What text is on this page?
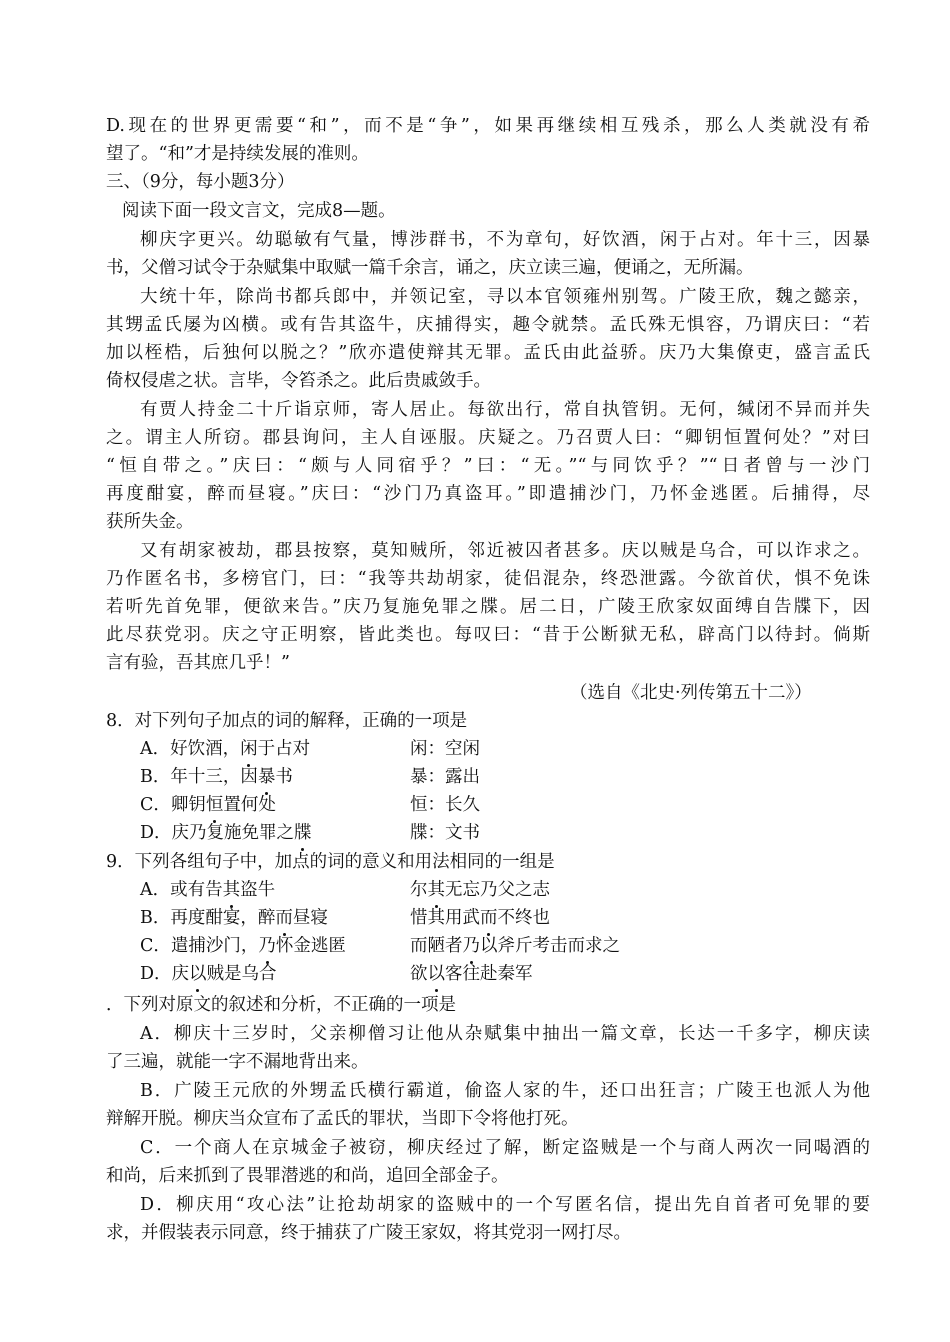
D.现在的世界更需要“和”，而不是“争”，如果再继续相互残杀，那么人类就没有希
望了。“和”才是持续发展的准则。
三、（9分，每小题3分）
阅读下面一段文言文，完成8—题。
柳庆字更兴。幼聪敏有气量，博涉群书，不为章句，好饮酒，闲于占对。年十三，因暴
书，父僧习试令于杂赋集中取赋一篇千余言，诵之，庆立读三遍，便诵之，无所漏。
大统十年，除尚书都兵郎中，并领记室，寻以本官领雍州别驾。广陵王欣，魏之懿亲，
其甥孟氏屡为凶横。或有告其盗牛，庆捕得实，趣令就禁。孟氏殊无惧容，乃谓庆曰：“若
加以桎梏，后独何以脱之？”欣亦遣使辩其无罪。孟氏由此益骄。庆乃大集僚吏，盛言孟氏
倚权侵虐之状。言毕，令笞杀之。此后贵戚敛手。
有贾人持金二十斤诣京师，寄人居止。每欲出行，常自执管钥。无何，缄闭不异而并失
之。谓主人所窃。郡县询问，主人自诬服。庆疑之。乃召贾人曰：“卿钥恒置何处？”对曰
“恒自带之。”庆曰：“颇与人同宿乎？”曰：“无。”“与同饮乎？”“日者曾与一沙门
再度酣宴，醉而昼寝。”庆曰：“沙门乃真盗耳。”即遣捕沙门，乃怀金逃匿。后捕得，尽
获所失金。
又有胡家被劫，郡县按察，莫知贼所，邻近被囚者甚多。庆以贼是乌合，可以诈求之。
乃作匿名书，多榜官门，曰：“我等共劫胡家，徒侣混杂，终恐泄露。今欲首伏，惧不免诛
若听先首免罪，便欲来告。”庆乃复施免罪之牒。居二日，广陵王欣家奴面缚自告牒下，因
此尽获党羽。庆之守正明察，皆此类也。每叹曰：“昔于公断狱无私，辟高门以待封。倘斯
言有验，吾其庶几乎！”
（选自《北史·列传第五十二》）
8．对下列句子加点的词的解释，正确的一项是
A．好饮酒，闲于占对	闲：空闲
B．年十三，因暴书	暴：露出
C．卿钥恒置何处	恒：长久
D．庆乃复施免罪之牒	牒：文书
9．下列各组句子中，加点的词的意义和用法相同的一组是
A．或有告其盗牛	尔其无忘乃父之志
B．再度酣宴，醉而昼寝	惜其用武而不终也
C．遣捕沙门，乃怀金逃匿	而陋者乃以斧斤考击而求之
D．庆以贼是乌合	欲以客往赴秦军
．下列对原文的叙述和分析，不正确的一项是
A．柳庆十三岁时，父亲柳僧习让他从杂赋集中抽出一篇文章，长达一千多字，柳庆读
了三遍，就能一字不漏地背出来。
B．广陵王元欣的外甥孟氏横行霸道，偷盗人家的牛，还口出狂言；广陵王也派人为他
辩解开脱。柳庆当众宣布了孟氏的罪状，当即下令将他打死。
C．一个商人在京城金子被窃，柳庆经过了解，断定盗贼是一个与商人两次一同喝酒的
和尚，后来抓到了畏罪潜逃的和尚，追回全部金子。
D．柳庆用“攻心法”让抢劫胡家的盗贼中的一个写匿名信，提出先自首者可免罪的要
求，并假装表示同意，终于捕获了广陵王家奴，将其党羽一网打尽。
